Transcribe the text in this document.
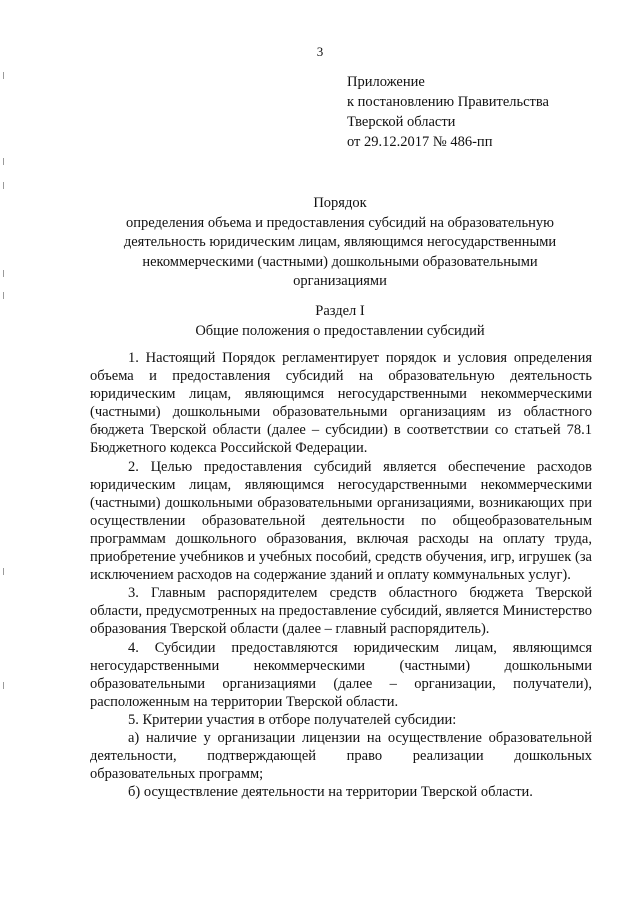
3
Приложение
к постановлению Правительства
Тверской области
от 29.12.2017 № 486-пп
Порядок
определения объема и предоставления субсидий на образовательную
деятельность юридическим лицам, являющимся негосударственными
некоммерческими (частными) дошкольными образовательными
организациями
Раздел I
Общие положения о предоставлении субсидий

1. Настоящий Порядок регламентирует порядок и условия определения объема и предоставления субсидий на образовательную деятельность юридическим лицам, являющимся негосударственными некоммерческими (частными) дошкольными образовательными организациям из областного бюджета Тверской области (далее – субсидии) в соответствии со статьей 78.1 Бюджетного кодекса Российской Федерации.

2. Целью предоставления субсидий является обеспечение расходов юридическим лицам, являющимся негосударственными некоммерческими (частными) дошкольными образовательными организациями, возникающих при осуществлении образовательной деятельности по общеобразовательным программам дошкольного образования, включая расходы на оплату труда, приобретение учебников и учебных пособий, средств обучения, игр, игрушек (за исключением расходов на содержание зданий и оплату коммунальных услуг).

3. Главным распорядителем средств областного бюджета Тверской области, предусмотренных на предоставление субсидий, является Министерство образования Тверской области (далее – главный распорядитель).

4. Субсидии предоставляются юридическим лицам, являющимся негосударственными некоммерческими (частными) дошкольными образовательными организациями (далее – организации, получатели), расположенным на территории Тверской области.

5. Критерии участия в отборе получателей субсидии:

а) наличие у организации лицензии на осуществление образовательной деятельности, подтверждающей право реализации дошкольных образовательных программ;

б) осуществление деятельности на территории Тверской области.
